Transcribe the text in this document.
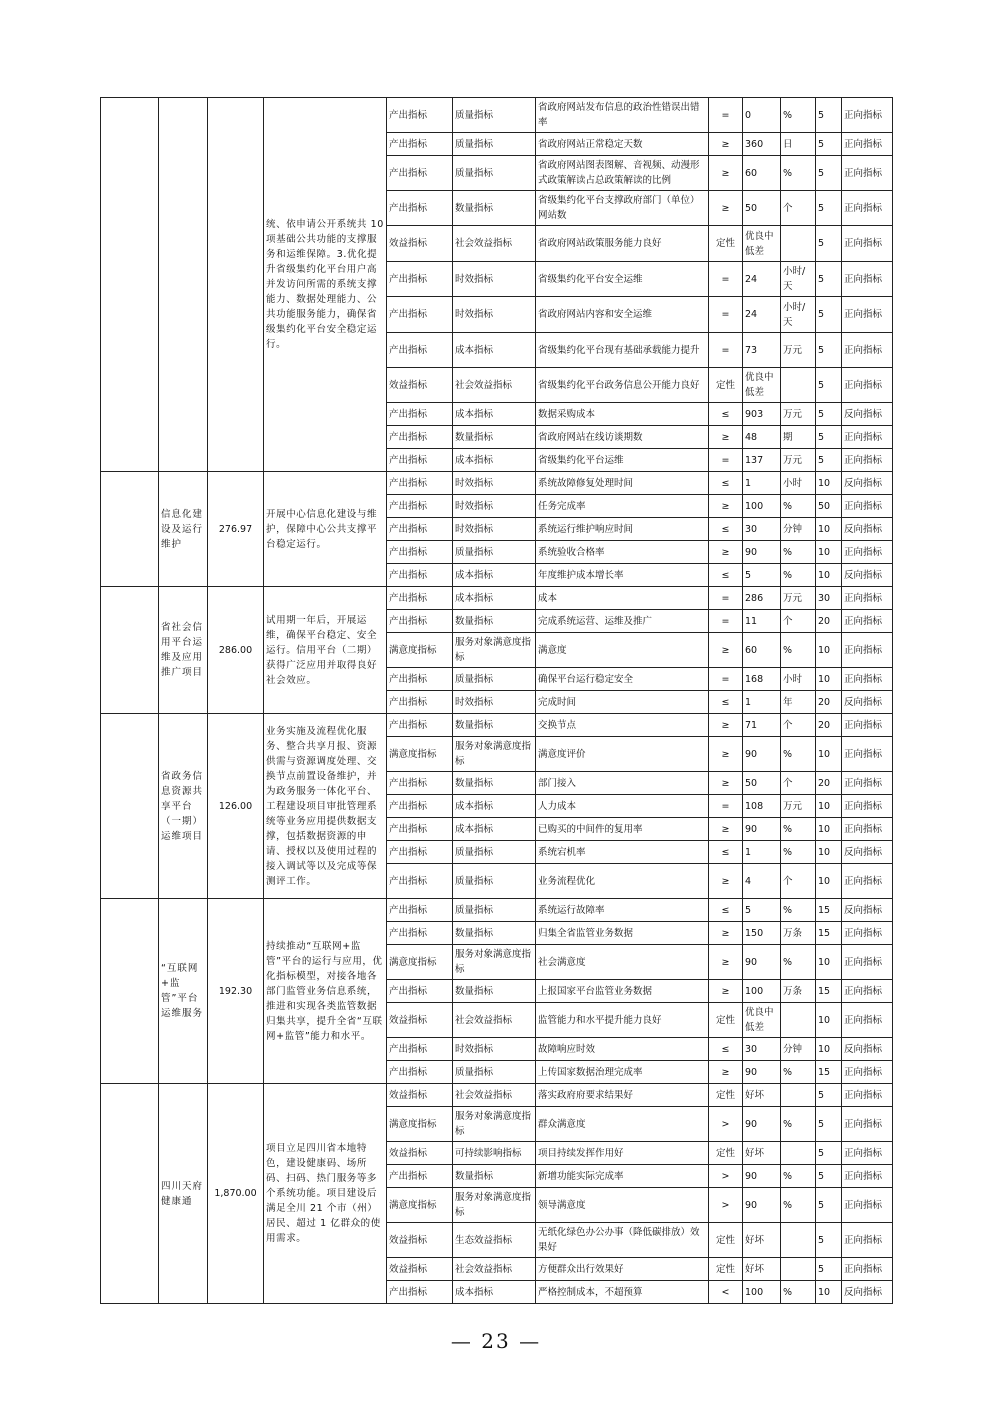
			统、依申请公开系统共 10 项基础公共功能的支撑服务和运维保障。3.优化提升省级集约化平台用户高并发访问所需的系统支撑能力、数据处理能力、公共功能服务能力，确保省级集约化平台安全稳定运行。	产出指标	质量指标	省政府网站发布信息的政治性错误出错率	=	0	%	5	正向指标
				产出指标	质量指标	省政府网站正常稳定天数	≥	360	日	5	正向指标
				产出指标	质量指标	省政府网站图表图解、音视频、动漫形式政策解读占总政策解读的比例	≥	60	%	5	正向指标
				产出指标	数量指标	省级集约化平台支撑政府部门（单位）网站数	≥	50	个	5	正向指标
				效益指标	社会效益指标	省政府网站政策服务能力良好	定性	优良中低差		5	正向指标
				产出指标	时效指标	省级集约化平台安全运维	=	24	小时/天	5	正向指标
				产出指标	时效指标	省政府网站内容和安全运维	=	24	小时/天	5	正向指标
				产出指标	成本指标	省级集约化平台现有基础承载能力提升	=	73	万元	5	正向指标
				效益指标	社会效益指标	省级集约化平台政务信息公开能力良好	定性	优良中低差		5	正向指标
				产出指标	成本指标	数据采购成本	≤	903	万元	5	反向指标
				产出指标	数量指标	省政府网站在线访谈期数	≥	48	期	5	正向指标
				产出指标	成本指标	省级集约化平台运维	=	137	万元	5	正向指标
	信息化建设及运行维护	276.97	开展中心信息化建设与维护，保障中心公共支撑平台稳定运行。	产出指标	时效指标	系统故障修复处理时间	≤	1	小时	10	反向指标
				产出指标	时效指标	任务完成率	≥	100	%	50	正向指标
				产出指标	时效指标	系统运行维护响应时间	≤	30	分钟	10	反向指标
				产出指标	质量指标	系统验收合格率	≥	90	%	10	正向指标
				产出指标	成本指标	年度维护成本增长率	≤	5	%	10	反向指标
	省社会信用平台运维及应用推广项目	286.00	试用期一年后，开展运维，确保平台稳定、安全运行。信用平台（二期）获得广泛应用并取得良好社会效应。	产出指标	成本指标	成本	=	286	万元	30	正向指标
				产出指标	数量指标	完成系统运营、运维及推广	=	11	个	20	正向指标
				满意度指标	服务对象满意度指标	满意度	≥	60	%	10	正向指标
				产出指标	质量指标	确保平台运行稳定安全	=	168	小时	10	正向指标
				产出指标	时效指标	完成时间	≤	1	年	20	反向指标
	省政务信息资源共享平台（一期）运维项目	126.00	业务实施及流程优化服务、整合共享月报、资源供需与资源调度处理、交换节点前置设备维护，并为政务服务一体化平台、工程建设项目审批管理系统等业务应用提供数据支撑，包括数据资源的申请、授权以及使用过程的接入调试等以及完成等保测评工作。	产出指标	数量指标	交换节点	≥	71	个	20	正向指标
				满意度指标	服务对象满意度指标	满意度评价	≥	90	%	10	正向指标
				产出指标	数量指标	部门接入	≥	50	个	20	正向指标
				产出指标	成本指标	人力成本	=	108	万元	10	正向指标
				产出指标	成本指标	已购买的中间件的复用率	≥	90	%	10	正向指标
				产出指标	质量指标	系统宕机率	≤	1	%	10	反向指标
				产出指标	质量指标	业务流程优化	≥	4	个	10	正向指标
	“互联网+监管”平台运维服务	192.30	持续推动“互联网+监管”平台的运行与应用，优化指标模型，对接各地各部门监管业务信息系统，推进和实现各类监管数据归集共享，提升全省“互联网+监管”能力和水平。	产出指标	质量指标	系统运行故障率	≤	5	%	15	反向指标
				产出指标	数量指标	归集全省监管业务数据	≥	150	万条	15	正向指标
				满意度指标	服务对象满意度指标	社会满意度	≥	90	%	10	正向指标
				产出指标	数量指标	上报国家平台监管业务数据	≥	100	万条	15	正向指标
				效益指标	社会效益指标	监管能力和水平提升能力良好	定性	优良中低差		10	正向指标
				产出指标	时效指标	故障响应时效	≤	30	分钟	10	反向指标
				产出指标	质量指标	上传国家数据治理完成率	≥	90	%	15	正向指标
	四川天府健康通	1,870.00	项目立足四川省本地特色，建设健康码、场所码、扫码、热门服务等多个系统功能。项目建设后满足全川 21 个市（州）居民、超过 1 亿群众的使用需求。	效益指标	社会效益指标	落实政府府要求结果好	定性	好坏		5	正向指标
				满意度指标	服务对象满意度指标	群众满意度	>	90	%	5	正向指标
				效益指标	可持续影响指标	项目持续发挥作用好	定性	好坏		5	正向指标
				产出指标	数量指标	新增功能实际完成率	>	90	%	5	正向指标
				满意度指标	服务对象满意度指标	领导满意度	>	90	%	5	正向指标
				效益指标	生态效益指标	无纸化绿色办公办事（降低碳排放）效果好	定性	好坏		5	正向指标
				效益指标	社会效益指标	方便群众出行效果好	定性	好坏		5	正向指标
				产出指标	成本指标	严格控制成本，不超预算	<	100	%	10	反向指标
— 23 —
